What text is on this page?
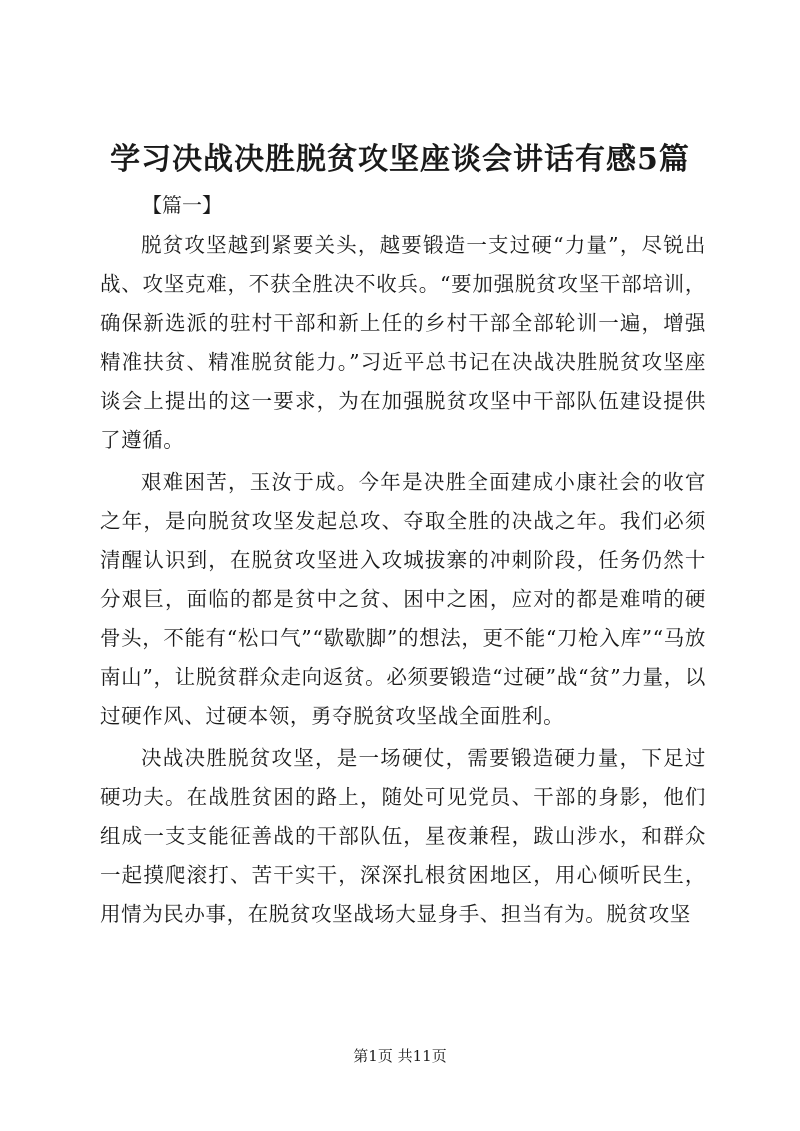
学习决战决胜脱贫攻坚座谈会讲话有感5篇
【篇一】

脱贫攻坚越到紧要关头，越要锻造一支过硬“力量”，尽锐出战、攻坚克难，不获全胜决不收兵。“要加强脱贫攻坚干部培训，确保新选派的驻村干部和新上任的乡村干部全部轮训一遍，增强精准扶贫、精准脱贫能力。”习近平总书记在决战决胜脱贫攻坚座谈会上提出的这一要求，为在加强脱贫攻坚中干部队伍建设提供了遵循。

艰难困苦，玉汝于成。今年是决胜全面建成小康社会的收官之年，是向脱贫攻坚发起总攻、夺取全胜的决战之年。我们必须清醒认识到，在脱贫攻坚进入攻城拔寨的冲刺阶段，任务仍然十分艰巨，面临的都是贫中之贫、困中之困，应对的都是难啃的硬骨头，不能有“松口气”“歇歇脚”的想法，更不能“刀枪入库”“马放南山”，让脱贫群众走向返贫。必须要锻造“过硬”战“贫”力量，以过硬作风、过硬本领，勇夺脱贫攻坚战全面胜利。

决战决胜脱贫攻坚，是一场硬仗，需要锻造硬力量，下足过硬功夫。在战胜贫困的路上，随处可见党员、干部的身影，他们组成一支支能征善战的干部队伍，星夜兼程，跋山涉水，和群众一起摸爬滚打、苦干实干，深深扎根贫困地区，用心倾听民生，用情为民办事，在脱贫攻坚战场大显身手、担当有为。脱贫攻坚

第1页 共11页
